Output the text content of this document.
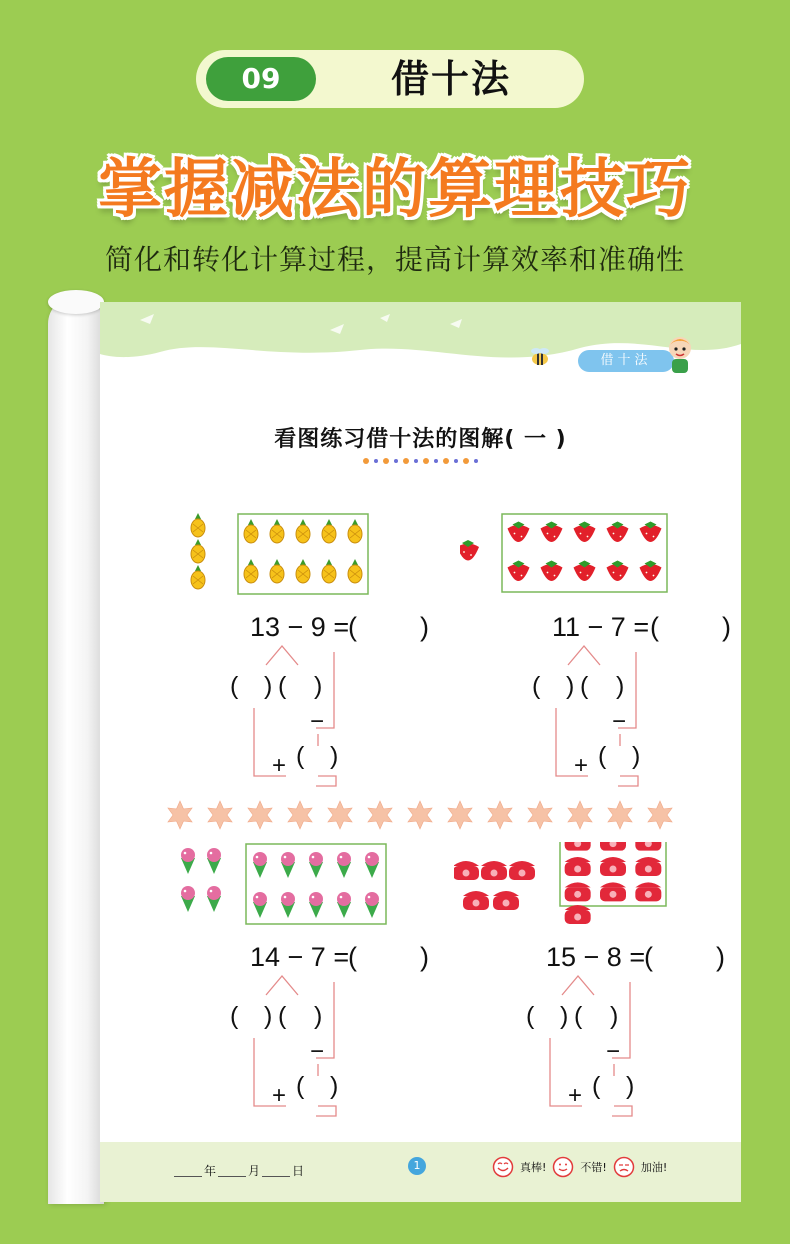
09	借十法
掌握减法的算理技巧
简化和转化计算过程，提高计算效率和准确性
借十法
看图练习借十法的图解( 一 )
13 − 9 =
( )
( ) ( )
−
+ ( )
11 − 7 = ( )
( ) ( )
−
+ ( )
14 − 7 =
( )
( ) ( )
−
+ ( )
15 − 8 =
( )
( ) ( )
−
+ ( )
年	月	日	1	真棒!	不错!	加油!
